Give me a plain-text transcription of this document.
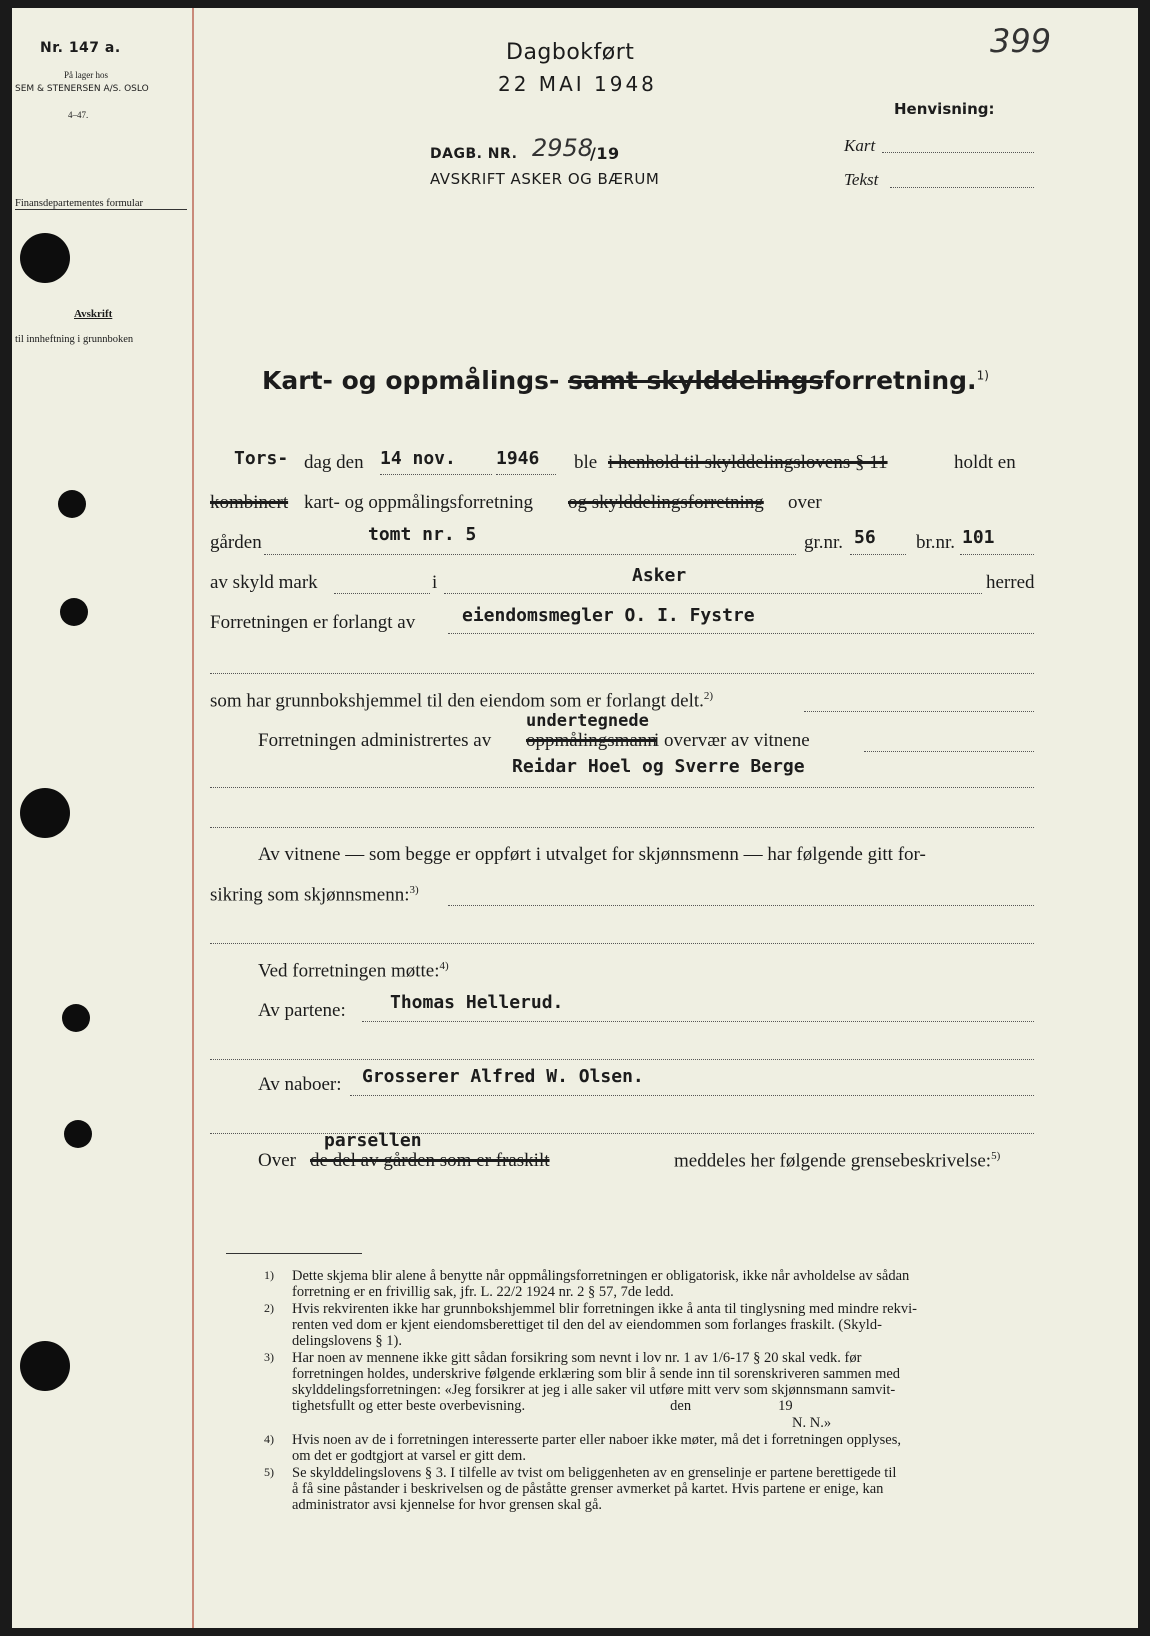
Nr. 147 a.
På lager hos
SEM & STENERSEN A/S. OSLO
4–47.
Finansdepartementes formular
Avskrift
til innheftning i grunnboken
Dagbokført
22 MAI 1948
DAGB. NR. 2958
/19
AVSKRIFT ASKER OG BÆRUM
399
Henvisning:
Kart
Tekst
Kart- og oppmålings- samt skylddelingsforretning.$^{1)}$
Tors- dag den 14 nov. 1946 ble i henhold til skylddelingslovens § 11	holdt en
kombinert kart- og oppmålingsforretning og skylddelingsforretning over
gården	tomt nr. 5	gr.nr. 56 br.nr. 101
av skyld mark	i	Asker	herred
Forretningen er forlangt av	eiendomsmegler O. I. Fystre
som har grunnbokshjemmel til den eiendom som er forlangt delt.$^{2)}$
Forretningen administrertes av
undertegnede
oppmålingsmann
i overvær av vitnene
Reidar Hoel og Sverre Berge
Av vitnene — som begge er oppført i utvalget for skjønnsmenn — har følgende gitt for-
sikring som skjønnsmenn:$^{3)}$
Ved forretningen møtte:$^{4)}$
Av partene: Thomas Hellerud.
Av naboer: Grosserer Alfred W. Olsen.
Over
parsellen
de del av gården som er fraskilt	meddeles her følgende grensebeskrivelse:$^{5)}$
1) Dette skjema blir alene å benytte når oppmålingsforretningen er obligatorisk, ikke når avholdelse av sådan
forretning er en frivillig sak, jfr. L. 22/2 1924 nr. 2 § 57, 7de ledd.
2) Hvis rekvirenten ikke har grunnbokshjemmel blir forretningen ikke å anta til tinglysning med mindre rekvi-
renten ved dom er kjent eiendomsberettiget til den del av eiendommen som forlanges fraskilt. (Skyld-
delingslovens § 1).
3) Har noen av mennene ikke gitt sådan forsikring som nevnt i lov nr. 1 av 1/6-17 § 20 skal vedk. før
forretningen holdes, underskrive følgende erklæring som blir å sende inn til sorenskriveren sammen med
skylddelingsforretningen: «Jeg forsikrer at jeg i alle saker vil utføre mitt verv som skjønnsmann samvit-
tighetsfullt og etter beste overbevisning.                                        den                        19
N. N.»
4) Hvis noen av de i forretningen interesserte parter eller naboer ikke møter, må det i forretningen opplyses,
om det er godtgjort at varsel er gitt dem.
5) Se skylddelingslovens § 3. I tilfelle av tvist om beliggenheten av en grenselinje er partene berettigede til
å få sine påstander i beskrivelsen og de påståtte grenser avmerket på kartet. Hvis partene er enige, kan
administrator avsi kjennelse for hvor grensen skal gå.
